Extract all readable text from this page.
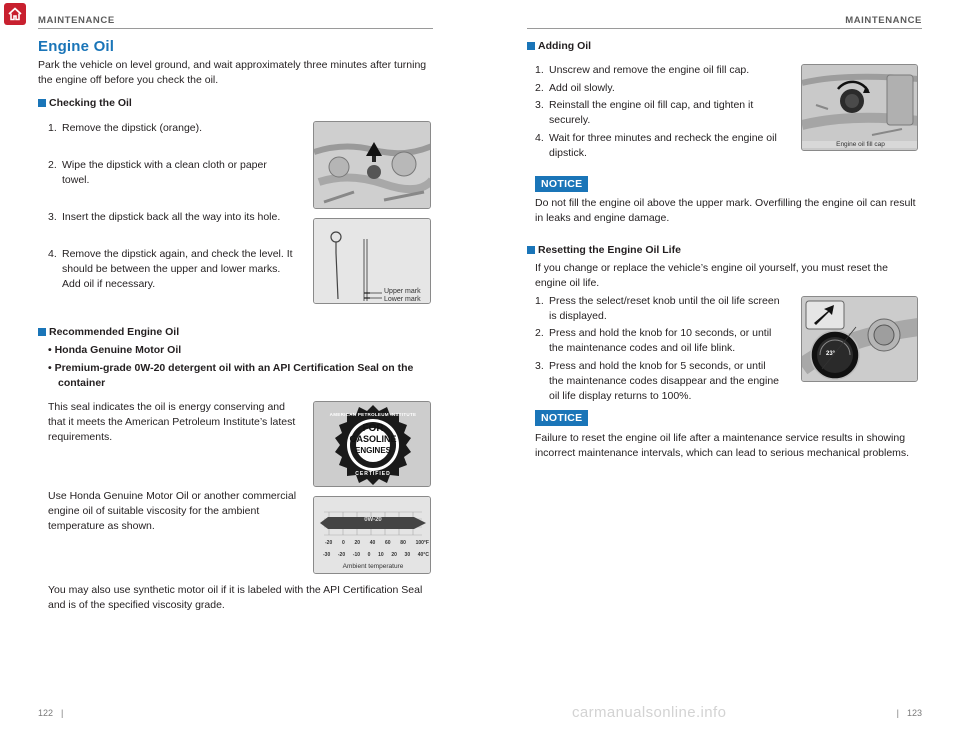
MAINTENANCE	MAINTENANCE
Engine Oil
Park the vehicle on level ground, and wait approximately three minutes after turning the engine off before you check the oil.
Checking the Oil
1. Remove the dipstick (orange).
2. Wipe the dipstick with a clean cloth or paper towel.
3. Insert the dipstick back all the way into its hole.
4. Remove the dipstick again, and check the level. It should be between the upper and lower marks. Add oil if necessary.
Upper mark
Lower mark
Recommended Engine Oil
• Honda Genuine Motor Oil
• Premium-grade 0W-20 detergent oil with an API Certification Seal on the container
This seal indicates the oil is energy conserving and that it meets the American Petroleum Institute’s latest requirements.
FOR
GASOLINE
ENGINES
AMERICAN PETROLEUM INSTITUTE
CERTIFIED
Use Honda Genuine Motor Oil or another commercial engine oil of suitable viscosity for the ambient temperature as shown.	0W-20
-20 0 20 40 60 80 100°F
-30 -20 -10 0 10 20 30 40°C
Ambient temperature
You may also use synthetic motor oil if it is labeled with the API Certification Seal and is of the specified viscosity grade.
Adding Oil
1. Unscrew and remove the engine oil fill cap.
2. Add oil slowly.
3. Reinstall the engine oil fill cap, and tighten it securely.
4. Wait for three minutes and recheck the engine oil dipstick.
Engine oil fill cap
NOTICE
Do not fill the engine oil above the upper mark. Overfilling the engine oil can result in leaks and engine damage.
Resetting the Engine Oil Life
If you change or replace the vehicle’s engine oil yourself, you must reset the engine oil life.
1. Press the select/reset knob until the oil life screen is displayed.
2. Press and hold the knob for 10 seconds, or until the maintenance codes and oil life blink.
3. Press and hold the knob for 5 seconds, or until the maintenance codes disappear and the engine oil life display returns to 100%.
23°
NOTICE
Failure to reset the engine oil life after a maintenance service results in showing incorrect maintenance intervals, which can lead to serious mechanical problems.
122 |	| 123
carmanualsonline.info
